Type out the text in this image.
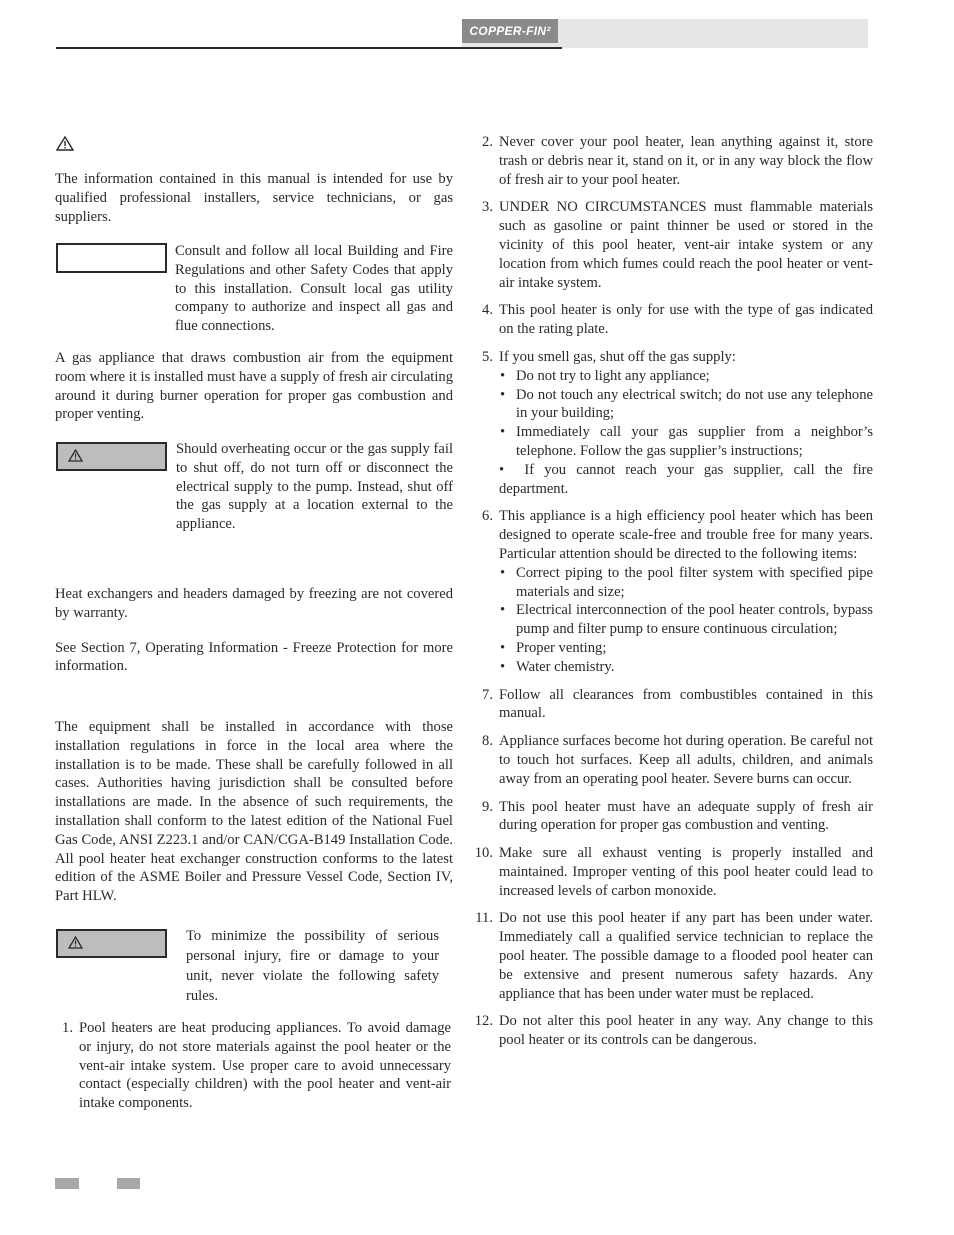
COPPER-FIN²

The information contained in this manual is intended for use by qualified professional installers, service technicians, or gas suppliers.

Consult and follow all local Building and Fire Regulations and other Safety Codes that apply to this installation. Consult local gas utility company to authorize and inspect all gas and flue connections.

A gas appliance that draws combustion air from the equipment room where it is installed must have a supply of fresh air circulating around it during burner operation for proper gas combustion and proper venting.

Should overheating occur or the gas supply fail to shut off, do not turn off or disconnect the electrical supply to the pump. Instead, shut off the gas supply at a location external to the appliance.

Heat exchangers and headers damaged by freezing are not covered by warranty.

See Section 7, Operating Information - Freeze Protection for more information.

The equipment shall be installed in accordance with those installation regulations in force in the local area where the installation is to be made. These shall be carefully followed in all cases. Authorities having jurisdiction shall be consulted before installations are made. In the absence of such requirements, the installation shall conform to the latest edition of the National Fuel Gas Code, ANSI Z223.1 and/or CAN/CGA-B149 Installation Code. All pool heater heat exchanger construction conforms to the latest edition of the ASME Boiler and Pressure Vessel Code, Section IV, Part HLW.

To minimize the possibility of serious personal injury, fire or damage to your unit, never violate the following safety rules.

1. Pool heaters are heat producing appliances. To avoid damage or injury, do not store materials against the pool heater or the vent-air intake system. Use proper care to avoid unnecessary contact (especially children) with the pool heater and vent-air intake components.
2. Never cover your pool heater, lean anything against it, store trash or debris near it, stand on it, or in any way block the flow of fresh air to your pool heater.
3. UNDER NO CIRCUMSTANCES must flammable materials such as gasoline or paint thinner be used or stored in the vicinity of this pool heater, vent-air intake system or any location from which fumes could reach the pool heater or vent-air intake system.
4. This pool heater is only for use with the type of gas indicated on the rating plate.
5. If you smell gas, shut off the gas supply:
• Do not try to light any appliance;
• Do not touch any electrical switch; do not use any telephone in your building;
• Immediately call your gas supplier from a neighbor’s telephone. Follow the gas supplier’s instructions;
• If you cannot reach your gas supplier, call the fire department.
6. This appliance is a high efficiency pool heater which has been designed to operate scale-free and trouble free for many years. Particular attention should be directed to the following items:
• Correct piping to the pool filter system with specified pipe materials and size;
• Electrical interconnection of the pool heater controls, bypass pump and filter pump to ensure continuous circulation;
• Proper venting;
• Water chemistry.
7. Follow all clearances from combustibles contained in this manual.
8. Appliance surfaces become hot during operation. Be careful not to touch hot surfaces. Keep all adults, children, and animals away from an operating pool heater. Severe burns can occur.
9. This pool heater must have an adequate supply of fresh air during operation for proper gas combustion and venting.
10. Make sure all exhaust venting is properly installed and maintained. Improper venting of this pool heater could lead to increased levels of carbon monoxide.
11. Do not use this pool heater if any part has been under water. Immediately call a qualified service technician to replace the pool heater. The possible damage to a flooded pool heater can be extensive and present numerous safety hazards. Any appliance that has been under water must be replaced.
12. Do not alter this pool heater in any way. Any change to this pool heater or its controls can be dangerous.
